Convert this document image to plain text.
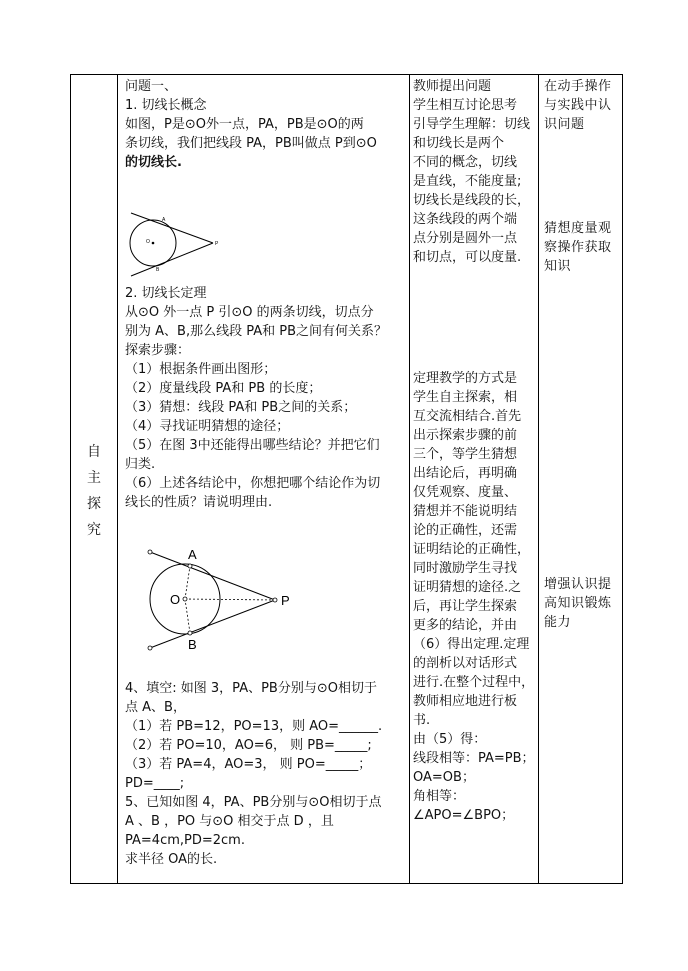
自
主
探
究
问题一、
1. 切线长概念
如图，P是⊙O外一点，PA，PB是⊙O的两
条切线，我们把线段 PA，PB叫做点 P到⊙O
的切线长.
A
O
B
P
2. 切线长定理
从⊙O 外一点 P 引⊙O 的两条切线，切点分
别为 A、B,那么线段 PA和 PB之间有何关系？
探索步骤：
（1）根据条件画出图形；
（2）度量线段 PA和 PB 的长度；
（3）猜想：线段 PA和 PB之间的关系；
（4）寻找证明猜想的途径；
（5）在图 3中还能得出哪些结论？并把它们
归类.
（6）上述各结论中，你想把哪个结论作为切
线长的性质？请说明理由.
A
O
B
P
4、填空: 如图 3，PA、PB分别与⊙O相切于
点 A、B，
（1）若 PB=12，PO=13，则 AO=______.
（2）若 PO=10，AO=6， 则 PB=_____;
（3）若 PA=4，AO=3， 则 PO=_____；
PD=____;
5、已知如图 4，PA、PB分别与⊙O相切于点
A 、B ，PO 与⊙O 相交于点 D ，且
PA=4cm,PD=2cm.
求半径 OA的长.
教师提出问题
学生相互讨论思考
引导学生理解：切线
和切线长是两个
不同的概念，切线
是直线，不能度量;
切线长是线段的长，
这条线段的两个端
点分别是圆外一点
和切点，可以度量.
定理教学的方式是
学生自主探索，相
互交流相结合.首先
出示探索步骤的前
三个，等学生猜想
出结论后，再明确
仅凭观察、度量、
猜想并不能说明结
论的正确性，还需
证明结论的正确性，
同时激励学生寻找
证明猜想的途径.之
后，再让学生探索
更多的结论，并由
（6）得出定理.定理
的剖析以对话形式
进行.在整个过程中，
教师相应地进行板
书.
由（5）得：
线段相等：PA=PB；
OA=OB；
角相等：
∠APO=∠BPO；
在动手操作
与实践中认
识问题
猜想度量观
察操作获取
知识
增强认识提
高知识锻炼
能力
